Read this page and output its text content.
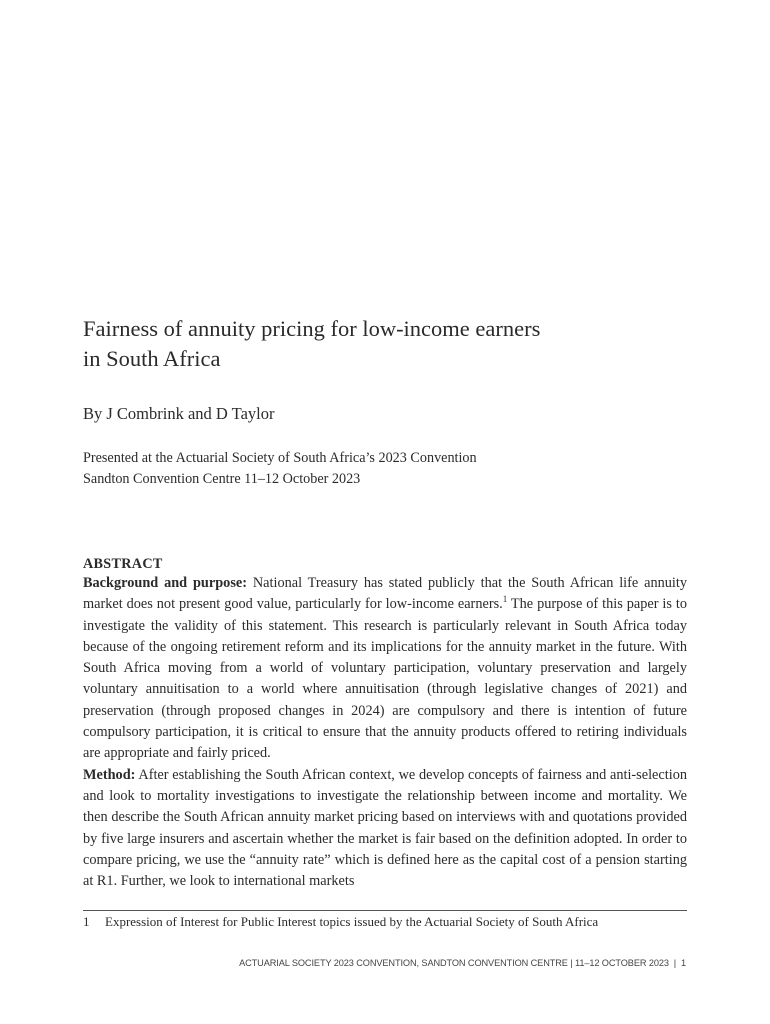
Fairness of annuity pricing for low-income earners
in South Africa
By J Combrink and D Taylor
Presented at the Actuarial Society of South Africa’s 2023 Convention
Sandton Convention Centre 11–12 October 2023
ABSTRACT

Background and purpose: National Treasury has stated publicly that the South African life annuity market does not present good value, particularly for low-income earners.$^1$ The purpose of this paper is to investigate the validity of this statement. This research is particularly relevant in South Africa today because of the ongoing retirement reform and its implications for the annuity market in the future. With South Africa moving from a world of voluntary participation, voluntary preservation and largely voluntary annuitisation to a world where annuitisation (through legislative changes of 2021) and preservation (through proposed changes in 2024) are compulsory and there is intention of future compulsory participation, it is critical to ensure that the annuity products offered to retiring individuals are appropriate and fairly priced.

Method: After establishing the South African context, we develop concepts of fairness and anti-selection and look to mortality investigations to investigate the relationship between income and mortality. We then describe the South African annuity market pricing based on interviews with and quotations provided by five large insurers and ascertain whether the market is fair based on the definition adopted. In order to compare pricing, we use the “annuity rate” which is defined here as the capital cost of a pension starting at R1. Further, we look to international markets

1 Expression of Interest for Public Interest topics issued by the Actuarial Society of South Africa
ACTUARIAL SOCIETY 2023 CONVENTION, SANDTON CONVENTION CENTRE | 11–12 OCTOBER 2023 | 1
